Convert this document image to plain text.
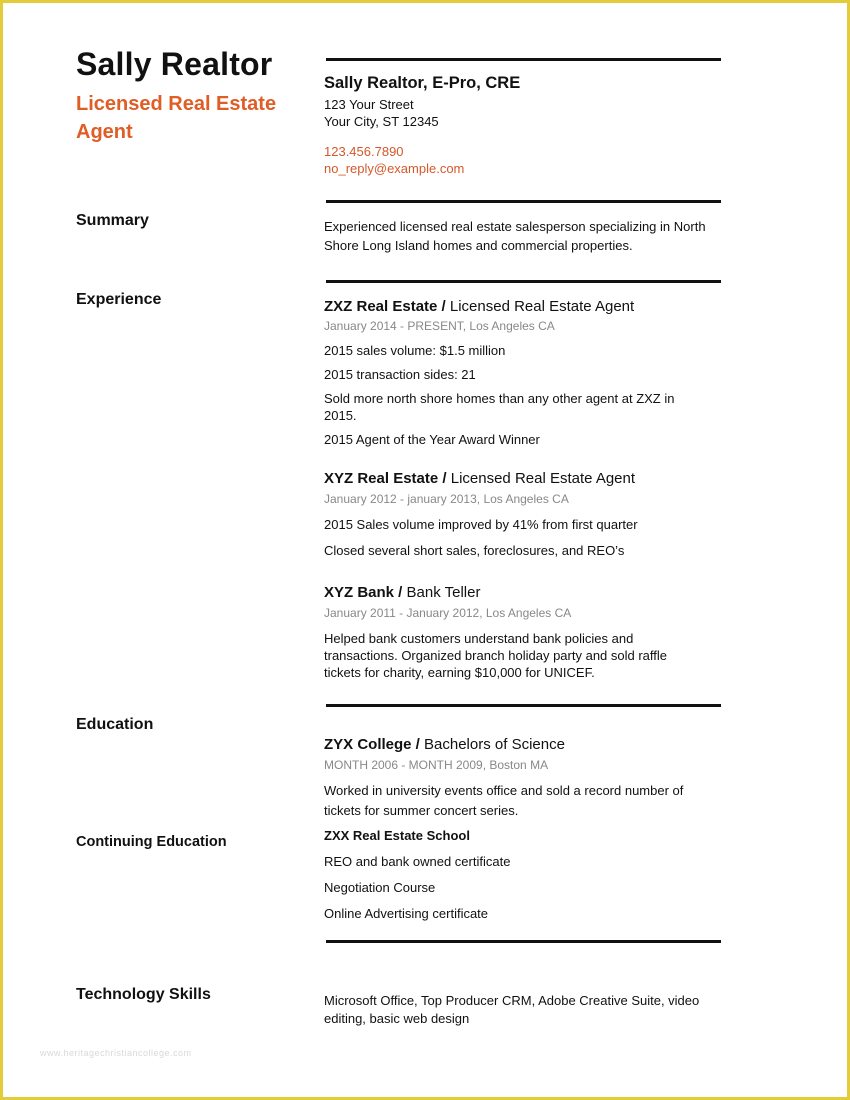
Sally Realtor
Licensed Real Estate Agent
Summary
Experience
Education
Continuing Education
Technology Skills
Sally Realtor, E-Pro, CRE
123 Your Street
Your City, ST 12345
123.456.7890
no_reply@example.com
Experienced licensed real estate salesperson specializing in North
Shore Long Island homes and commercial properties.
ZXZ Real Estate / Licensed Real Estate Agent
January 2014 - PRESENT, Los Angeles CA
2015 sales volume: $1.5 million
2015 transaction sides: 21
Sold more north shore homes than any other agent at ZXZ in
2015.
2015 Agent of the Year Award Winner
XYZ Real Estate / Licensed Real Estate Agent
January 2012 - january 2013, Los Angeles CA
2015 Sales volume improved by 41% from first quarter
Closed several short sales, foreclosures, and REO’s
XYZ Bank / Bank Teller
January 2011 - January 2012, Los Angeles CA
Helped bank customers understand bank policies and
transactions. Organized branch holiday party and sold raffle
tickets for charity, earning $10,000 for UNICEF.
ZYX College / Bachelors of Science
MONTH 2006 - MONTH 2009, Boston MA
Worked in university events office and sold a record number of
tickets for summer concert series.
ZXX Real Estate School
REO and bank owned certificate
Negotiation Course
Online Advertising certificate
Microsoft Office, Top Producer CRM, Adobe Creative Suite, video
editing, basic web design
www.heritagechristiancollege.com
